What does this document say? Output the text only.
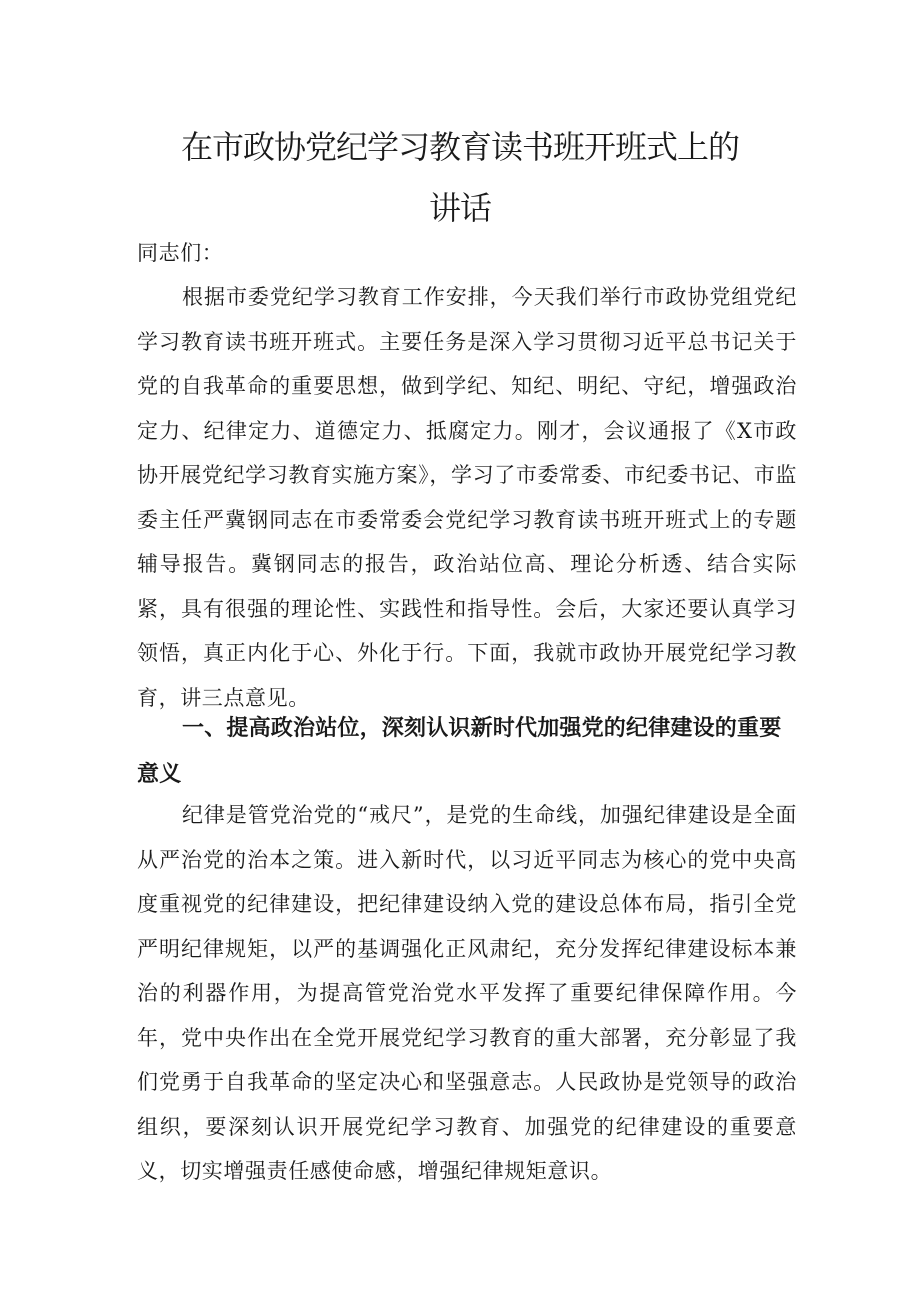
在市政协党纪学习教育读书班开班式上的
讲话

同志们：

根据市委党纪学习教育工作安排，今天我们举行市政协党组党纪学习教育读书班开班式。主要任务是深入学习贯彻习近平总书记关于党的自我革命的重要思想，做到学纪、知纪、明纪、守纪，增强政治定力、纪律定力、道德定力、抵腐定力。刚才，会议通报了《X市政协开展党纪学习教育实施方案》，学习了市委常委、市纪委书记、市监委主任严冀钢同志在市委常委会党纪学习教育读书班开班式上的专题辅导报告。冀钢同志的报告，政治站位高、理论分析透、结合实际紧，具有很强的理论性、实践性和指导性。会后，大家还要认真学习领悟，真正内化于心、外化于行。下面，我就市政协开展党纪学习教育，讲三点意见。

一、提高政治站位，深刻认识新时代加强党的纪律建设的重要意义

纪律是管党治党的“戒尺”，是党的生命线，加强纪律建设是全面从严治党的治本之策。进入新时代，以习近平同志为核心的党中央高度重视党的纪律建设，把纪律建设纳入党的建设总体布局，指引全党严明纪律规矩，以严的基调强化正风肃纪，充分发挥纪律建设标本兼治的利器作用，为提高管党治党水平发挥了重要纪律保障作用。今年，党中央作出在全党开展党纪学习教育的重大部署，充分彰显了我们党勇于自我革命的坚定决心和坚强意志。人民政协是党领导的政治组织，要深刻认识开展党纪学习教育、加强党的纪律建设的重要意义，切实增强责任感使命感，增强纪律规矩意识。
